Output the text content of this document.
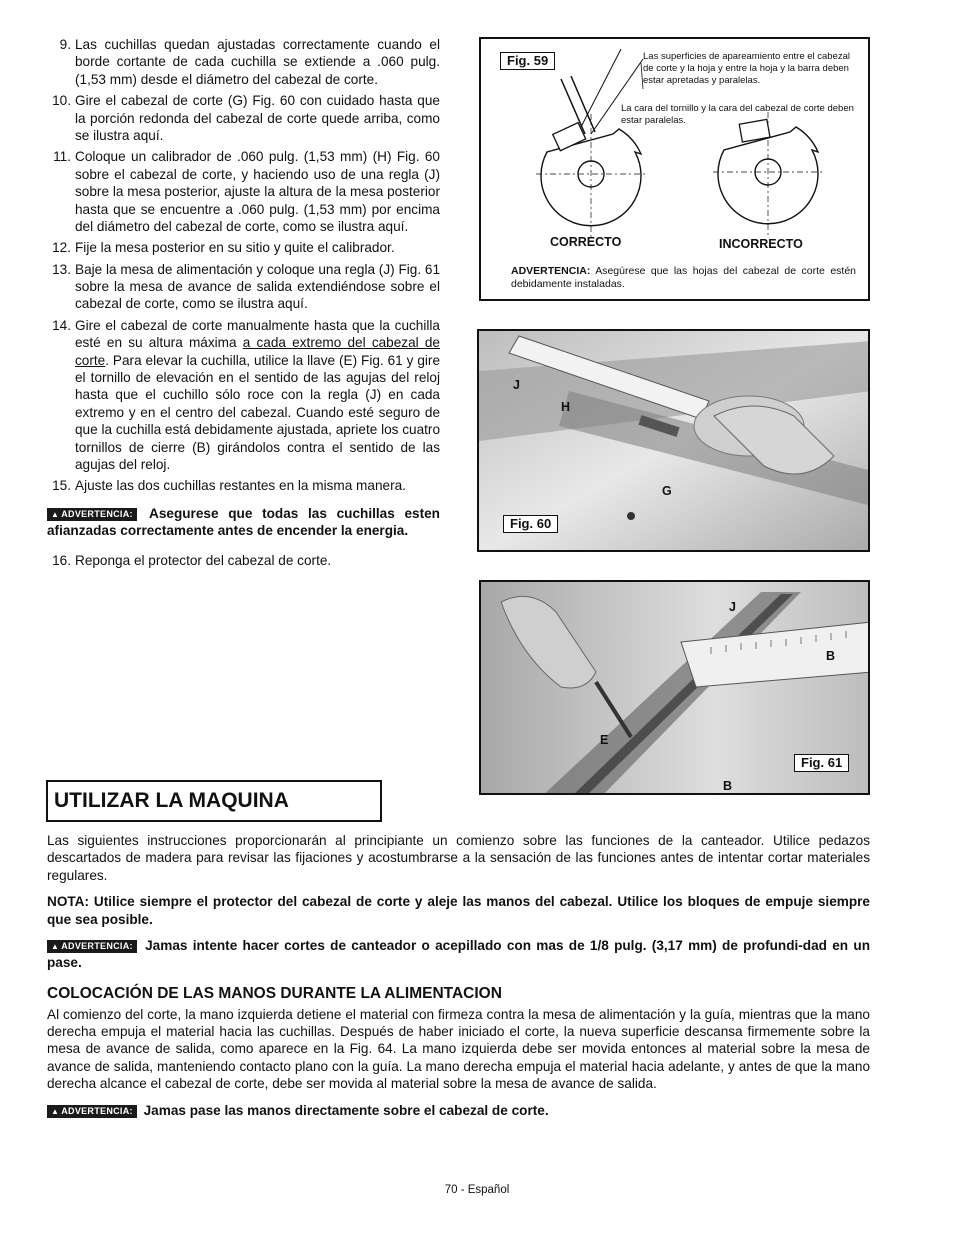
9. Las cuchillas quedan ajustadas correctamente cuando el borde cortante de cada cuchilla se extiende a .060 pulg. (1,53 mm) desde el diámetro del cabezal de corte.
10. Gire el cabezal de corte (G) Fig. 60 con cuidado hasta que la porción redonda del cabezal de corte quede arriba, como se ilustra aquí.
11. Coloque un calibrador de .060 pulg. (1,53 mm) (H) Fig. 60 sobre el cabezal de corte, y haciendo uso de una regla (J) sobre la mesa posterior, ajuste la altura de la mesa posterior hasta que se encuentre a .060 pulg. (1,53 mm) por encima del diámetro del cabezal de corte, como se ilustra aquí.
12. Fije la mesa posterior en su sitio y quite el calibrador.
13. Baje la mesa de alimentación y coloque una regla (J) Fig. 61 sobre la mesa de avance de salida extendiéndose sobre el cabezal de corte, como se ilustra aquí.
14. Gire el cabezal de corte manualmente hasta que la cuchilla esté en su altura máxima a cada extremo del cabezal de corte. Para elevar la cuchilla, utilice la llave (E) Fig. 61 y gire el tornillo de elevación en el sentido de las agujas del reloj hasta que el cuchillo sólo roce con la regla (J) en cada extremo y en el centro del cabezal. Cuando esté seguro de que la cuchilla está debidamente ajustada, apriete los cuatro tornillos de cierre (B) girándolos contra el sentido de las agujas del reloj.
15. Ajuste las dos cuchillas restantes en la misma manera.
▲ ADVERTENCIA: Asegurese que todas las cuchillas esten afianzadas correctamente antes de encender la energia.
16. Reponga el protector del cabezal de corte.
Fig. 59	Las superficies de apareamiento entre el cabezal de corte y la hoja y entre la hoja y la barra deben estar apretadas y paralelas.
La cara del tornillo y la cara del cabezal de corte deben estar paralelas.
CORRECTO	INCORRECTO
ADVERTENCIA: Asegúrese que las hojas del cabezal de corte estén debidamente instaladas.
J
H
G
Fig. 60
J
B
E
B
Fig. 61
UTILIZAR LA MAQUINA

Las siguientes instrucciones proporcionarán al principiante un comienzo sobre las funciones de la canteador. Utilice pedazos descartados de madera para revisar las fijaciones y acostumbrarse a la sensación de las funciones antes de intentar cortar materiales regulares.

NOTA: Utilice siempre el protector del cabezal de corte y aleje las manos del cabezal. Utilice los bloques de empuje siempre que sea posible.

▲ ADVERTENCIA: Jamas intente hacer cortes de canteador o acepillado con mas de 1/8 pulg. (3,17 mm) de profundi-dad en un pase.

COLOCACIÓN DE LAS MANOS DURANTE LA ALIMENTACION

Al comienzo del corte, la mano izquierda detiene el material con firmeza contra la mesa de alimentación y la guía, mientras que la mano derecha empuja el material hacia las cuchillas. Después de haber iniciado el corte, la nueva superficie descansa firmemente sobre la mesa de avance de salida, como aparece en la Fig. 64. La mano izquierda debe ser movida entonces al material sobre la mesa de avance de salida, manteniendo contacto plano con la guía. La mano derecha empuja el material hacia adelante, y antes de que la mano derecha alcance el cabezal de corte, debe ser movida al material sobre la mesa de avance de salida.

▲ ADVERTENCIA: Jamas pase las manos directamente sobre el cabezal de corte.

70 - Español
